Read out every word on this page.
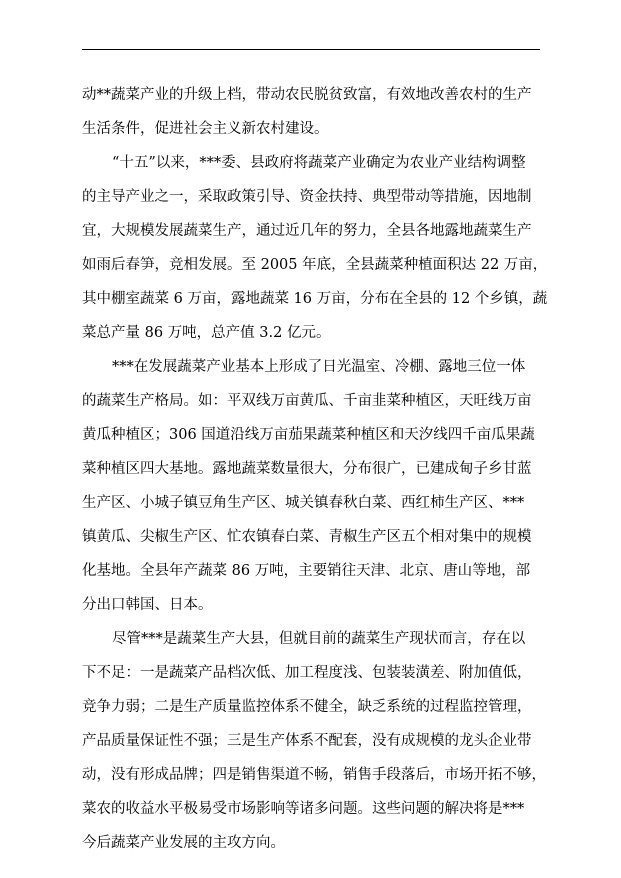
动**蔬菜产业的升级上档，带动农民脱贫致富，有效地改善农村的生产
生活条件，促进社会主义新农村建设。
“十五”以来，***委、县政府将蔬菜产业确定为农业产业结构调整
的主导产业之一，采取政策引导、资金扶持、典型带动等措施，因地制
宜，大规模发展蔬菜生产，通过近几年的努力，全县各地露地蔬菜生产
如雨后春笋，竞相发展。至 2005 年底，全县蔬菜种植面积达 22 万亩，
其中棚室蔬菜 6 万亩，露地蔬菜 16 万亩，分布在全县的 12 个乡镇，蔬
菜总产量 86 万吨，总产值 3.2 亿元。
***在发展蔬菜产业基本上形成了日光温室、冷棚、露地三位一体
的蔬菜生产格局。如：平双线万亩黄瓜、千亩韭菜种植区，天旺线万亩
黄瓜种植区；306 国道沿线万亩茄果蔬菜种植区和天汐线四千亩瓜果蔬
菜种植区四大基地。露地蔬菜数量很大，分布很广，已建成甸子乡甘蓝
生产区、小城子镇豆角生产区、城关镇春秋白菜、西红柿生产区、***
镇黄瓜、尖椒生产区、忙农镇春白菜、青椒生产区五个相对集中的规模
化基地。全县年产蔬菜 86 万吨，主要销往天津、北京、唐山等地，部
分出口韩国、日本。
尽管***是蔬菜生产大县，但就目前的蔬菜生产现状而言，存在以
下不足：一是蔬菜产品档次低、加工程度浅、包装装潢差、附加值低，
竞争力弱；二是生产质量监控体系不健全，缺乏系统的过程监控管理，
产品质量保证性不强；三是生产体系不配套，没有成规模的龙头企业带
动，没有形成品牌；四是销售渠道不畅，销售手段落后，市场开拓不够，
菜农的收益水平极易受市场影响等诸多问题。这些问题的解决将是***
今后蔬菜产业发展的主攻方向。
